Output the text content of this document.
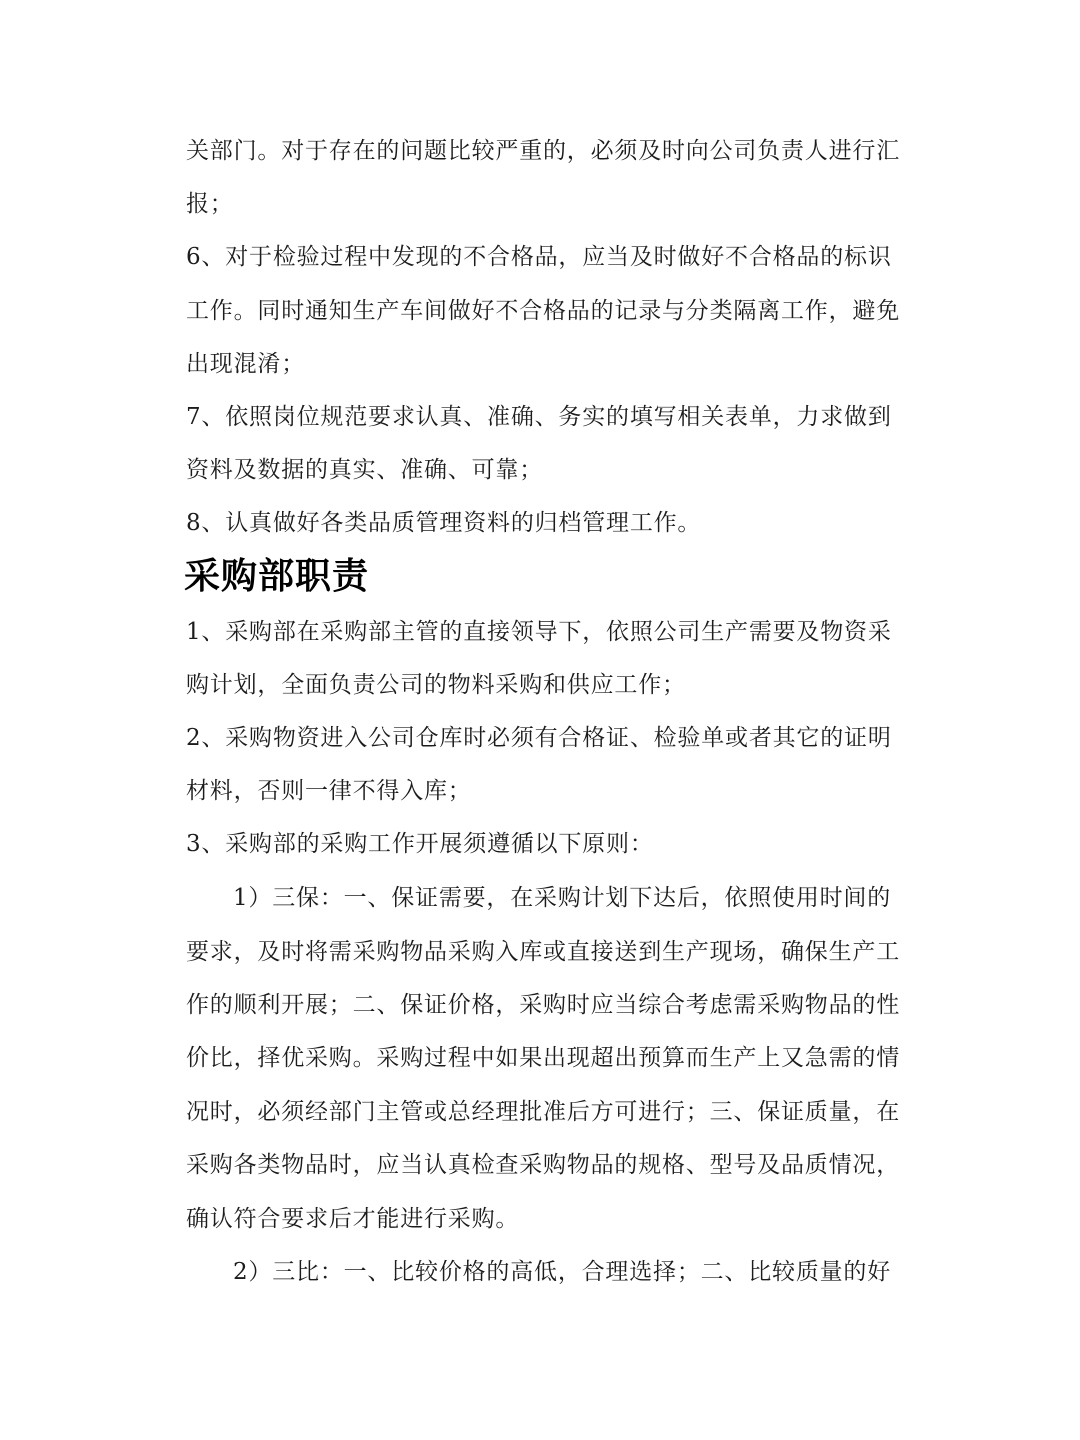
关部门。对于存在的问题比较严重的，必须及时向公司负责人进行汇
报；
6、对于检验过程中发现的不合格品，应当及时做好不合格品的标识
工作。同时通知生产车间做好不合格品的记录与分类隔离工作，避免
出现混淆；
7、依照岗位规范要求认真、准确、务实的填写相关表单，力求做到
资料及数据的真实、准确、可靠；
8、认真做好各类品质管理资料的归档管理工作。
采购部职责
1、采购部在采购部主管的直接领导下，依照公司生产需要及物资采
购计划，全面负责公司的物料采购和供应工作；
2、采购物资进入公司仓库时必须有合格证、检验单或者其它的证明
材料，否则一律不得入库；
3、采购部的采购工作开展须遵循以下原则：
1）三保：一、保证需要，在采购计划下达后，依照使用时间的
要求，及时将需采购物品采购入库或直接送到生产现场，确保生产工
作的顺利开展；二、保证价格，采购时应当综合考虑需采购物品的性
价比，择优采购。采购过程中如果出现超出预算而生产上又急需的情
况时，必须经部门主管或总经理批准后方可进行；三、保证质量，在
采购各类物品时，应当认真检查采购物品的规格、型号及品质情况，
确认符合要求后才能进行采购。
2）三比：一、比较价格的高低，合理选择；二、比较质量的好
